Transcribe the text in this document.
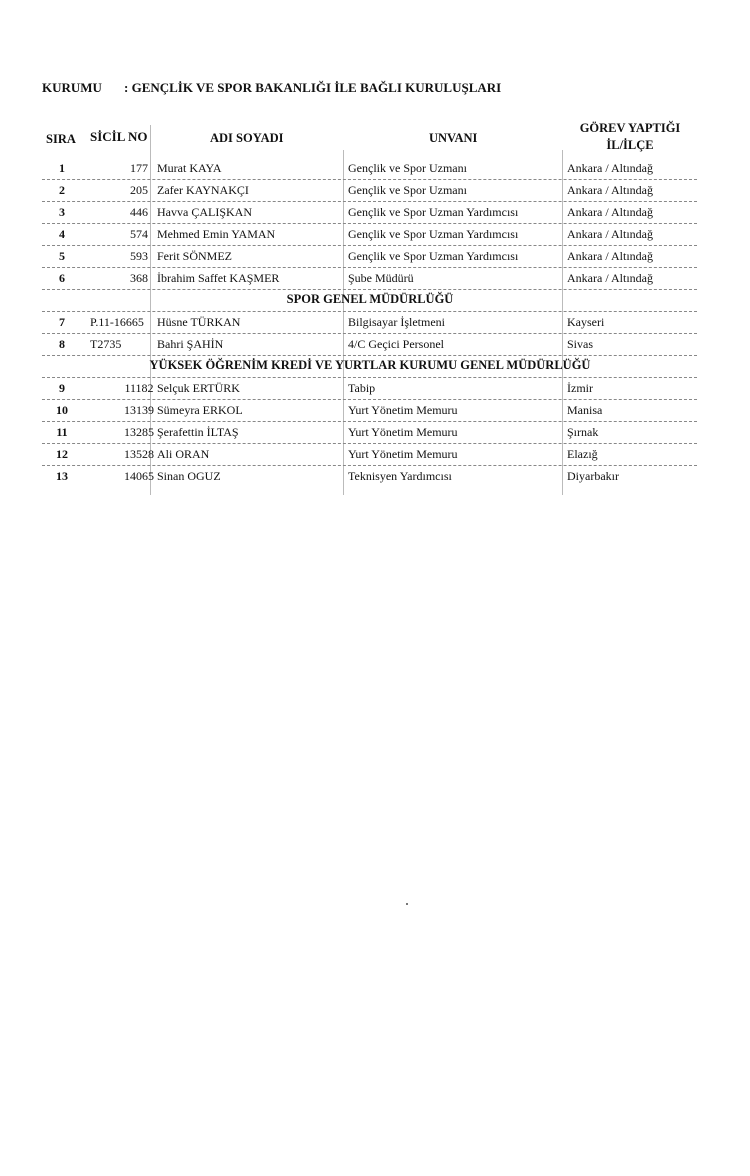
KURUMU : GENÇLİK VE SPOR BAKANLIĞI İLE BAĞLI KURULUŞLARI
SIRA SİCİL NO	ADI SOYADI	UNVANI
GÖREV YAPTIĞI
İL/İLÇE
1	177 Murat KAYA	Gençlik ve Spor Uzmanı	Ankara / Altındağ
2	205 Zafer KAYNAKÇI	Gençlik ve Spor Uzmanı	Ankara / Altındağ
3	446 Havva ÇALIŞKAN	Gençlik ve Spor Uzman Yardımcısı	Ankara / Altındağ
4	574 Mehmed Emin YAMAN	Gençlik ve Spor Uzman Yardımcısı	Ankara / Altındağ
5	593 Ferit SÖNMEZ	Gençlik ve Spor Uzman Yardımcısı	Ankara / Altındağ
6	368 İbrahim Saffet KAŞMER	Şube Müdürü	Ankara / Altındağ
SPOR GENEL MÜDÜRLÜĞÜ
7	P.11-16665	Hüsne TÜRKAN	Bilgisayar İşletmeni	Kayseri
8	T2735	Bahri ŞAHİN	4/C Geçici Personel	Sivas
YÜKSEK ÖĞRENİM KREDİ VE YURTLAR KURUMU GENEL MÜDÜRLÜĞÜ
9	11182 Selçuk ERTÜRK	Tabip	İzmir
10	13139 Sümeyra ERKOL	Yurt Yönetim Memuru	Manisa
11	13285 Şerafettin İLTAŞ	Yurt Yönetim Memuru	Şırnak
12	13528 Ali ORAN	Yurt Yönetim Memuru	Elazığ
13	14065 Sinan OGUZ	Teknisyen Yardımcısı	Diyarbakır
